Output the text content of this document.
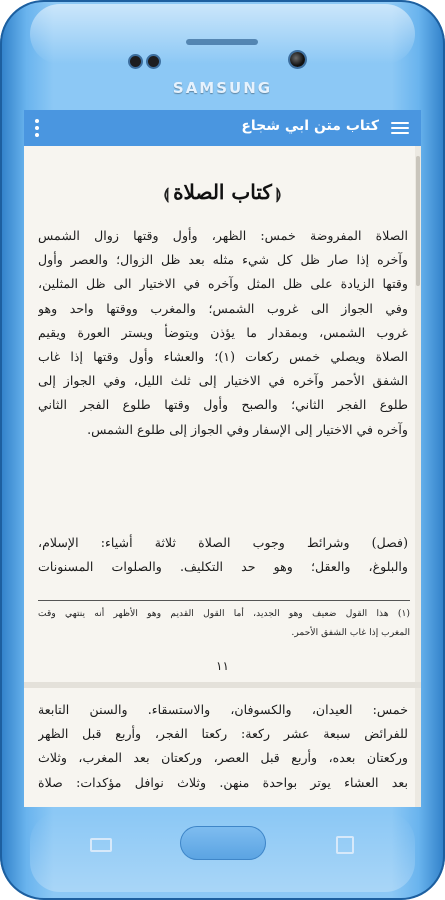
SAMSUNG
كتاب متن ابي شجاع
⟬كتاب الصلاة⟭
الصلاة المفروضة خمس: الظهر، وأول وقتها زوال الشمس
وآخره إذا صار ظل كل شيء مثله بعد ظل الزوال؛ والعصر وأول
وقتها الزيادة على ظل المثل وآخره في الاختيار الى ظل المثلين،
وفي الجواز الى غروب الشمس؛ والمغرب ووقتها واحد وهو
غروب الشمس، وبمقدار ما يؤذن ويتوضأ ويستر العورة ويقيم
الصلاة ويصلي خمس ركعات (١)؛ والعشاء وأول وقتها إذا غاب
الشفق الأحمر وآخره في الاختيار إلى ثلث الليل، وفي الجواز إلى
طلوع الفجر الثاني؛ والصبح وأول وقتها طلوع الفجر الثاني
وآخره في الاختيار إلى الإسفار وفي الجواز إلى طلوع الشمس.
(فصل) وشرائط وجوب الصلاة ثلاثة أشياء: الإسلام،
والبلوغ، والعقل؛ وهو حد التكليف. والصلوات المسنونات
(١) هذا القول ضعيف وهو الجديد، أما القول القديم وهو الأظهر أنه ينتهي وقت
المغرب إذا غاب الشفق الأحمر.
١١
خمس: العيدان، والكسوفان، والاستسقاء. والسنن التابعة
للفرائض سبعة عشر ركعة: ركعتا الفجر، وأربع قبل الظهر
وركعتان بعده، وأربع قبل العصر، وركعتان بعد المغرب، وثلاث
بعد العشاء يوتر بواحدة منهن. وثلاث نوافل مؤكدات: صلاة
